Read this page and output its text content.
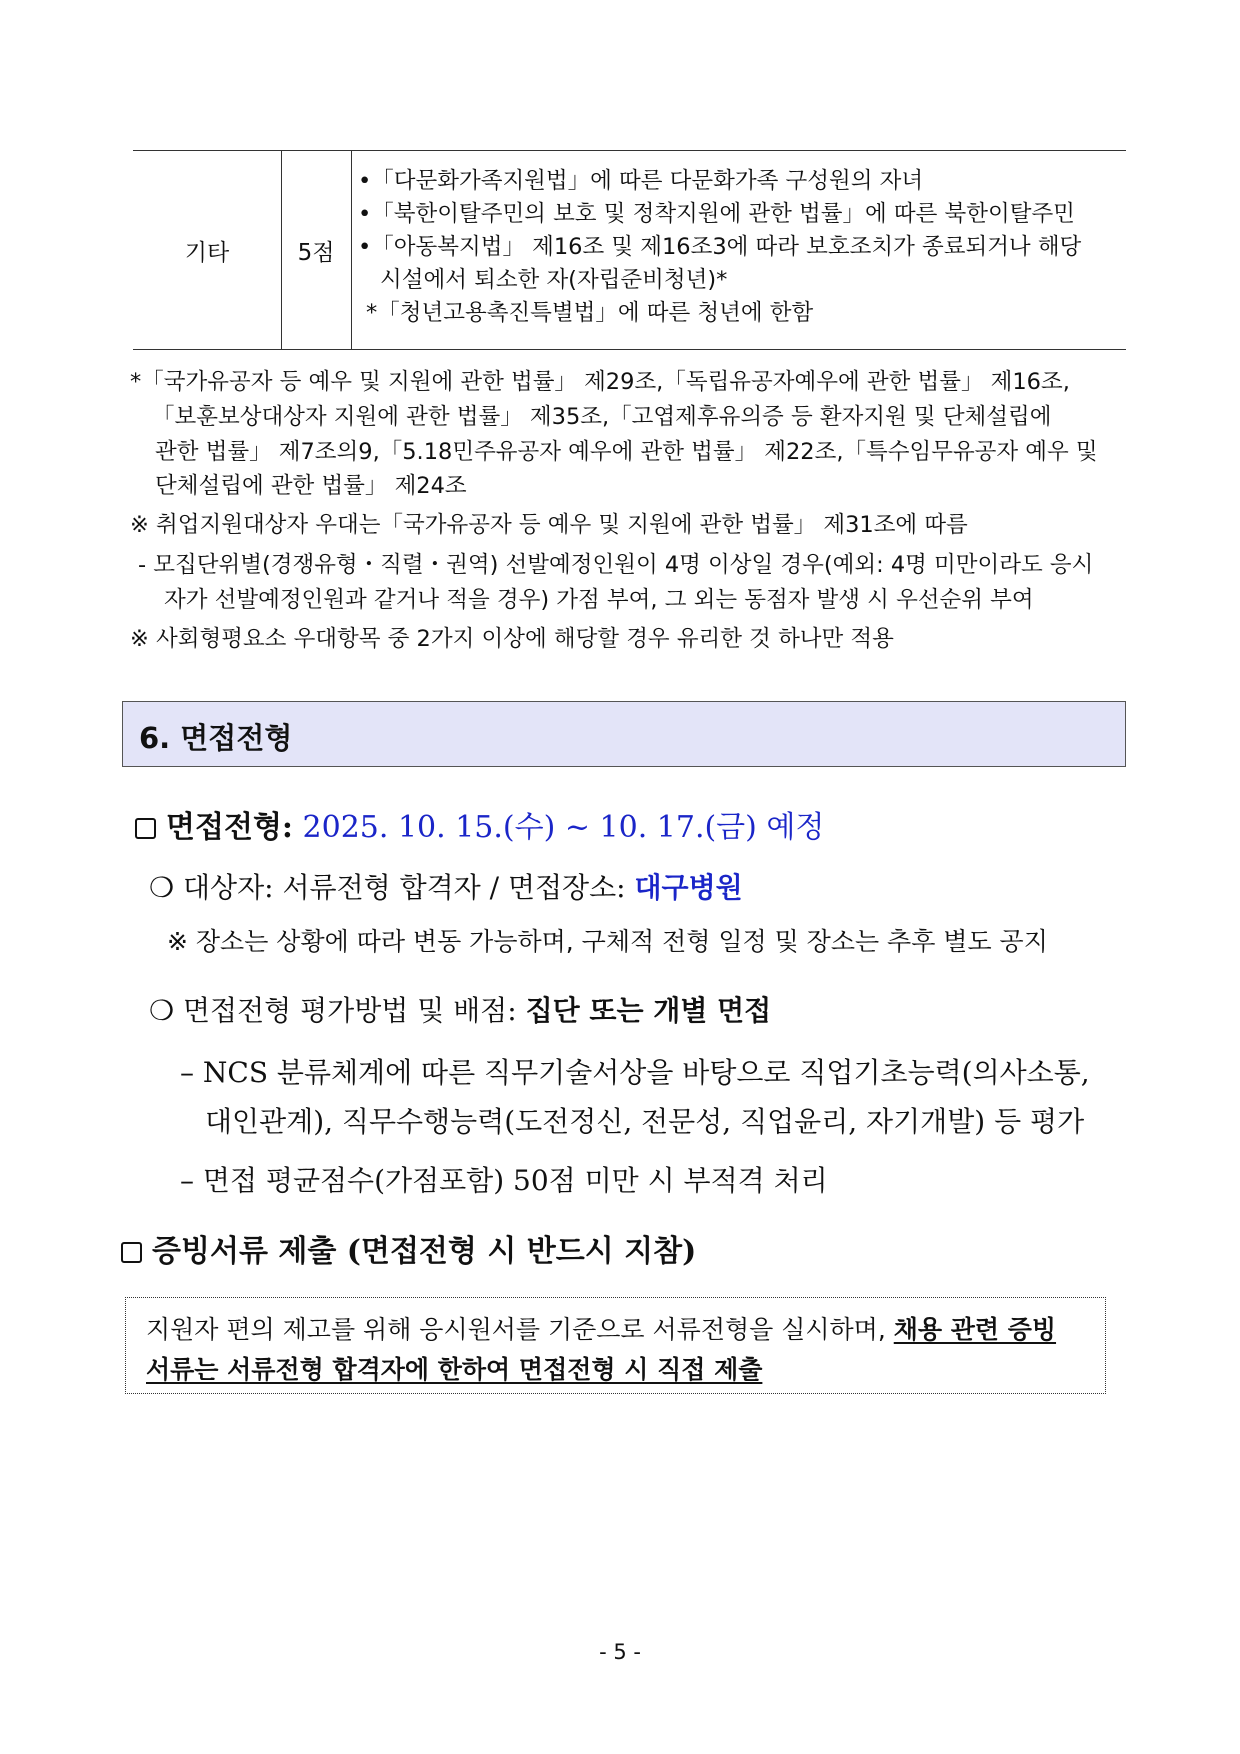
기타	5점
•「다문화가족지원법」에 따른 다문화가족 구성원의 자녀
•「북한이탈주민의 보호 및 정착지원에 관한 법률」에 따른 북한이탈주민
•「아동복지법」 제16조 및 제16조3에 따라 보호조치가 종료되거나 해당
시설에서 퇴소한 자(자립준비청년)*
*「청년고용촉진특별법」에 따른 청년에 한함
*「국가유공자 등 예우 및 지원에 관한 법률」 제29조,「독립유공자예우에 관한 법률」 제16조,
「보훈보상대상자 지원에 관한 법률」 제35조,「고엽제후유의증 등 환자지원 및 단체설립에
관한 법률」 제7조의9,「5.18민주유공자 예우에 관한 법률」 제22조,「특수임무유공자 예우 및
단체설립에 관한 법률」 제24조
※ 취업지원대상자 우대는「국가유공자 등 예우 및 지원에 관한 법률」 제31조에 따름
- 모집단위별(경쟁유형・직렬・권역) 선발예정인원이 4명 이상일 경우(예외: 4명 미만이라도 응시
자가 선발예정인원과 같거나 적을 경우) 가점 부여, 그 외는 동점자 발생 시 우선순위 부여
※ 사회형평요소 우대항목 중 2가지 이상에 해당할 경우 유리한 것 하나만 적용
6. 면접전형
면접전형: 2025. 10. 15.(수) ~ 10. 17.(금) 예정
❍ 대상자: 서류전형 합격자 / 면접장소: 대구병원
※ 장소는 상황에 따라 변동 가능하며, 구체적 전형 일정 및 장소는 추후 별도 공지
❍ 면접전형 평가방법 및 배점: 집단 또는 개별 면접
– NCS 분류체계에 따른 직무기술서상을 바탕으로 직업기초능력(의사소통,
대인관계), 직무수행능력(도전정신, 전문성, 직업윤리, 자기개발) 등 평가
– 면접 평균점수(가점포함) 50점 미만 시 부적격 처리
증빙서류 제출 (면접전형 시 반드시 지참)
지원자 편의 제고를 위해 응시원서를 기준으로 서류전형을 실시하며, 채용 관련 증빙
서류는 서류전형 합격자에 한하여 면접전형 시 직접 제출
- 5 -
